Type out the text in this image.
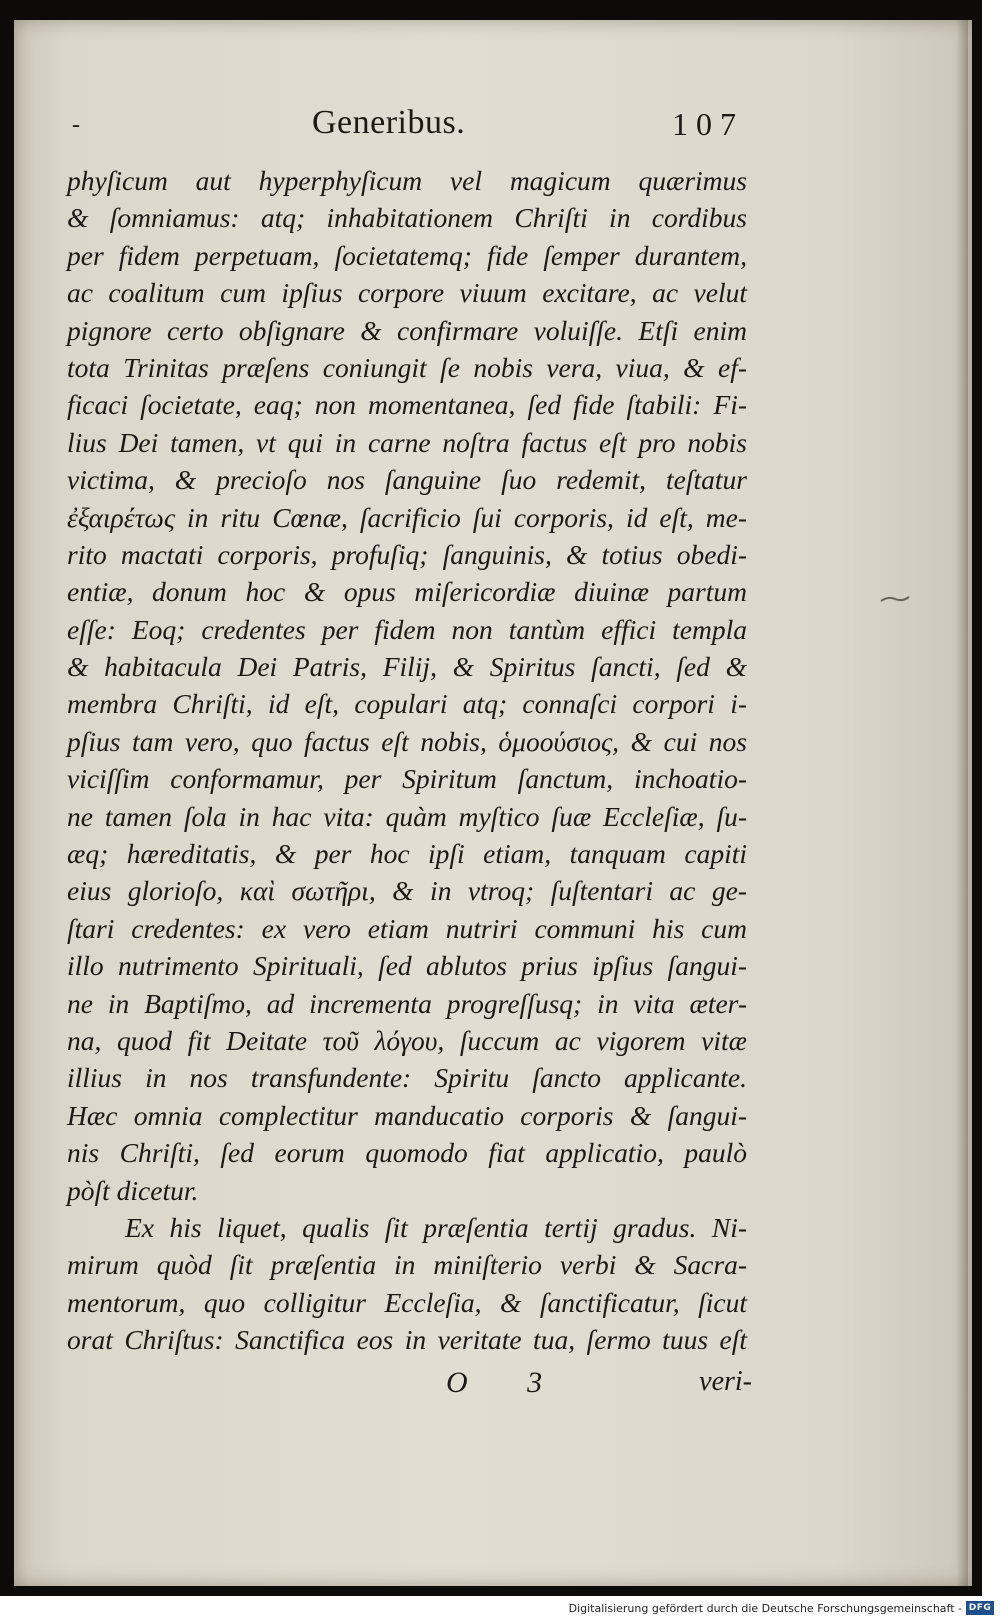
-	Generibus.	107
phyſicum aut hyperphyſicum vel magicum quærimus
& ſomniamus: atq; inhabitationem Chriſti in cordibus
per fidem perpetuam, ſocietatemq; fide ſemper durantem,
ac coalitum cum ipſius corpore viuum excitare, ac velut
pignore certo obſignare & confirmare voluiſſe. Etſi enim
tota Trinitas præſens coniungit ſe nobis vera, viua, & ef-
ficaci ſocietate, eaq; non momentanea, ſed fide ſtabili: Fi-
lius Dei tamen, vt qui in carne noſtra factus eſt pro nobis
victima, & precioſo nos ſanguine ſuo redemit, teſtatur
ἐξαιρέτως in ritu Cœnæ, ſacrificio ſui corporis, id eſt, me-
rito mactati corporis, profuſiq; ſanguinis, & totius obedi-
entiæ, donum hoc & opus miſericordiæ diuinæ partum
eſſe: Eoq; credentes per fidem non tantùm effici templa
& habitacula Dei Patris, Filij, & Spiritus ſancti, ſed &
membra Chriſti, id eſt, copulari atq; connaſci corpori i-
pſius tam vero, quo factus eſt nobis, ὁμοούσιος, & cui nos
viciſſim conformamur, per Spiritum ſanctum, inchoatio-
ne tamen ſola in hac vita: quàm myſtico ſuæ Eccleſiæ, ſu-
æq; hæreditatis, & per hoc ipſi etiam, tanquam capiti
eius glorioſo, καὶ σωτῆρι, & in vtroq; ſuſtentari ac ge-
ſtari credentes: ex vero etiam nutriri communi his cum
illo nutrimento Spirituali, ſed ablutos prius ipſius ſangui-
ne in Baptiſmo, ad incrementa progreſſusq; in vita æter-
na, quod fit Deitate τοῦ λόγου, ſuccum ac vigorem vitæ
illius in nos transfundente: Spiritu ſancto applicante.
Hæc omnia complectitur manducatio corporis & ſangui-
nis Chriſti, ſed eorum quomodo fiat applicatio, paulò
pòſt dicetur.
Ex his liquet, qualis ſit præſentia tertij gradus. Ni-
mirum quòd ſit præſentia in miniſterio verbi & Sacra-
mentorum, quo colligitur Eccleſia, & ſanctificatur, ſicut
orat Chriſtus: Sanctifica eos in veritate tua, ſermo tuus eſt
O 3	veri-
Digitalisierung gefördert durch die Deutsche Forschungsgemeinschaft - DFG
